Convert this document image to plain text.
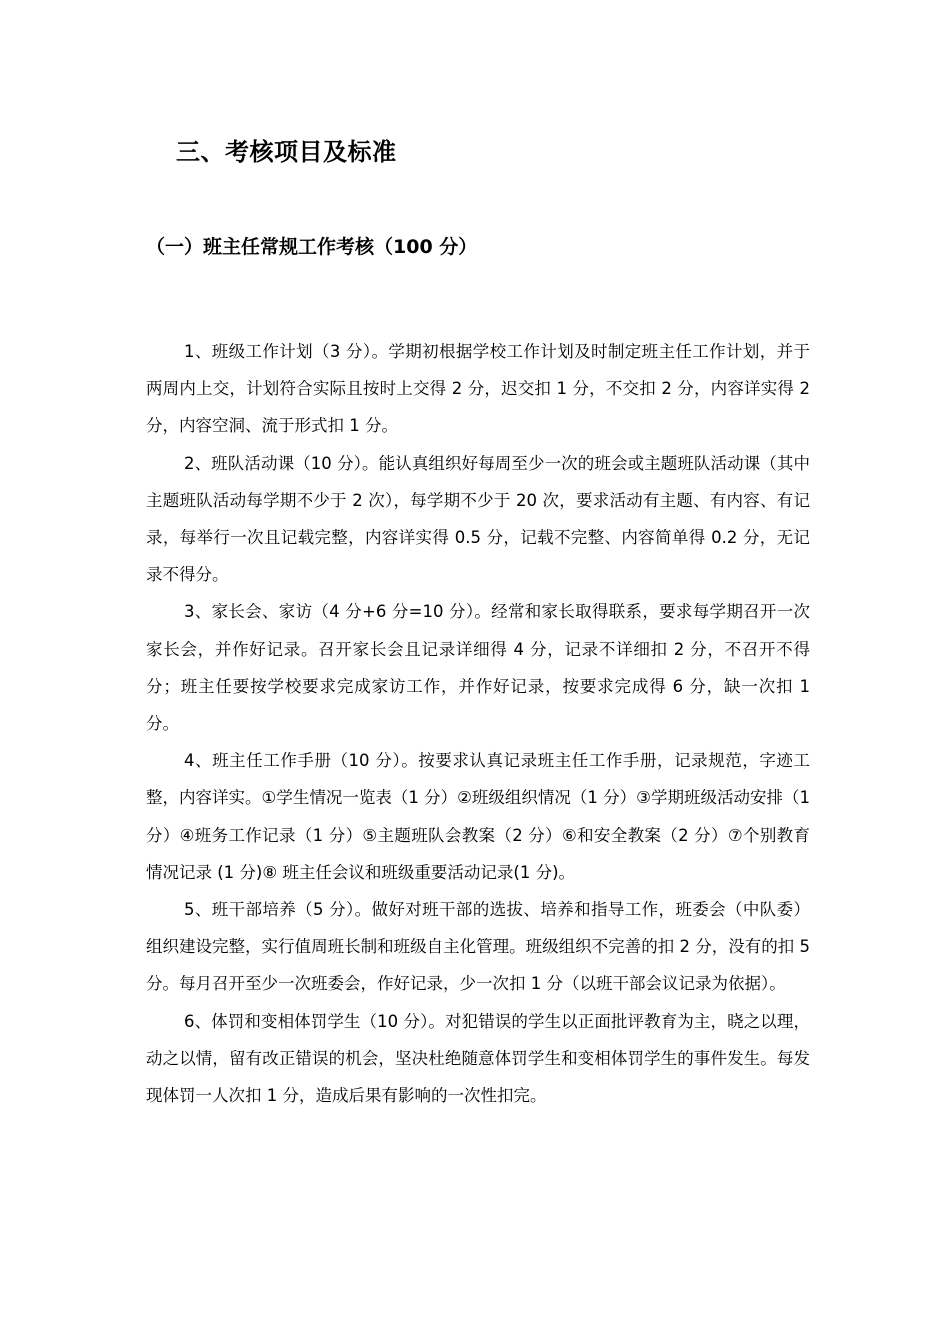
三、考核项目及标准
（一）班主任常规工作考核（100 分）

1、班级工作计划（3 分）。学期初根据学校工作计划及时制定班主任工作计划，并于两周内上交，计划符合实际且按时上交得 2 分，迟交扣 1 分，不交扣 2 分，内容详实得 2 分，内容空洞、流于形式扣 1 分。

2、班队活动课（10 分）。能认真组织好每周至少一次的班会或主题班队活动课（其中主题班队活动每学期不少于 2 次），每学期不少于 20 次，要求活动有主题、有内容、有记录，每举行一次且记载完整，内容详实得 0.5 分，记载不完整、内容简单得 0.2 分，无记录不得分。

3、家长会、家访（4 分+6 分=10 分）。经常和家长取得联系，要求每学期召开一次家长会，并作好记录。召开家长会且记录详细得 4 分，记录不详细扣 2 分，不召开不得分；班主任要按学校要求完成家访工作，并作好记录，按要求完成得 6 分，缺一次扣 1 分。

4、班主任工作手册（10 分）。按要求认真记录班主任工作手册，记录规范，字迹工整，内容详实。①学生情况一览表（1 分）②班级组织情况（1 分）③学期班级活动安排（1 分）④班务工作记录（1 分）⑤主题班队会教案（2 分）⑥和安全教案（2 分）⑦个别教育情况记录 (1 分)⑧ 班主任会议和班级重要活动记录(1 分)。

5、班干部培养（5 分）。做好对班干部的选拔、培养和指导工作，班委会（中队委）组织建设完整，实行值周班长制和班级自主化管理。班级组织不完善的扣 2 分，没有的扣 5 分。每月召开至少一次班委会，作好记录，少一次扣 1 分（以班干部会议记录为依据）。

6、体罚和变相体罚学生（10 分）。对犯错误的学生以正面批评教育为主，晓之以理，动之以情，留有改正错误的机会，坚决杜绝随意体罚学生和变相体罚学生的事件发生。每发现体罚一人次扣 1 分，造成后果有影响的一次性扣完。
